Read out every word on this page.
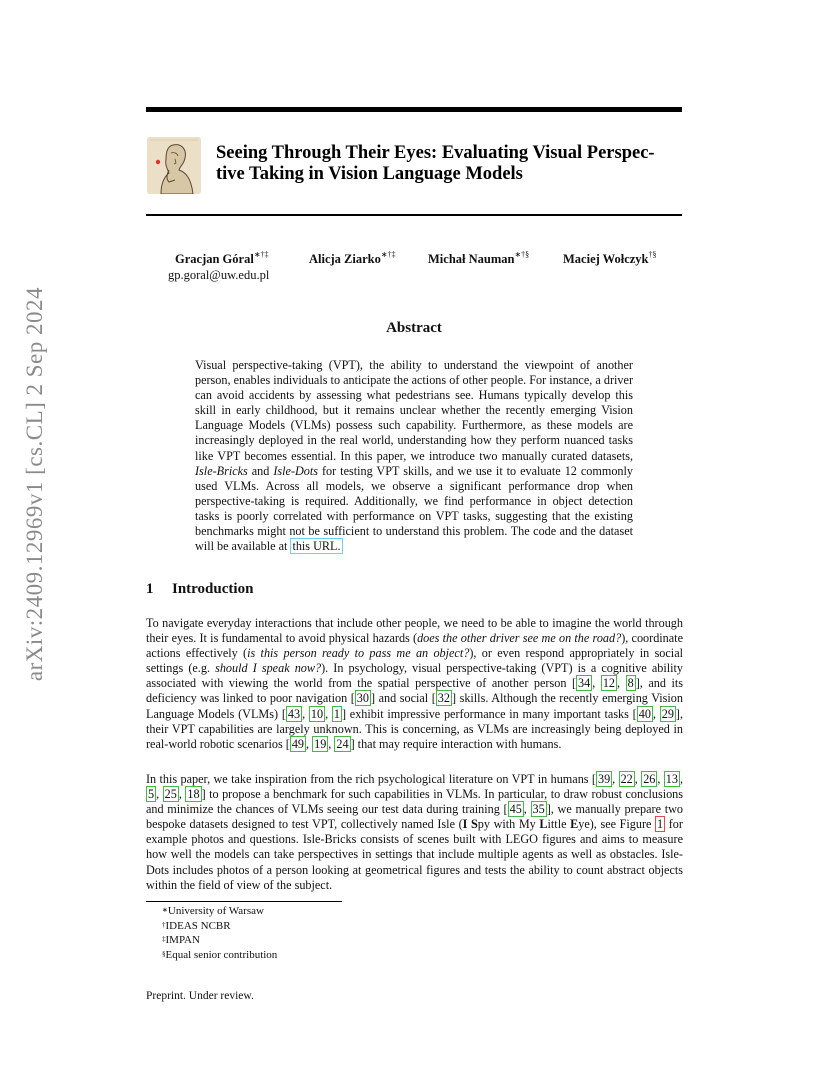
arXiv:2409.12969v1 [cs.CL] 2 Sep 2024
Seeing Through Their Eyes: Evaluating Visual Perspec-
tive Taking in Vision Language Models
Gracjan Góral∗†‡	Alicja Ziarko∗†‡	Michał Nauman∗†§	Maciej Wołczyk†§
gp.goral@uw.edu.pl
Abstract
Visual perspective-taking (VPT), the ability to understand the viewpoint of another person, enables individuals to anticipate the actions of other people. For instance, a driver can avoid accidents by assessing what pedestrians see. Humans typically develop this skill in early childhood, but it remains unclear whether the recently emerging Vision Language Models (VLMs) possess such capability. Furthermore, as these models are increasingly deployed in the real world, understanding how they perform nuanced tasks like VPT becomes essential. In this paper, we introduce two manually curated datasets, Isle-Bricks and Isle-Dots for testing VPT skills, and we use it to evaluate 12 commonly used VLMs. Across all models, we observe a significant performance drop when perspective-taking is required. Additionally, we find performance in object detection tasks is poorly correlated with performance on VPT tasks, suggesting that the existing benchmarks might not be sufficient to understand this problem. The code and the dataset will be available at this URL.
1 Introduction
To navigate everyday interactions that include other people, we need to be able to imagine the world through their eyes. It is fundamental to avoid physical hazards (does the other driver see me on the road?), coordinate actions effectively (is this person ready to pass me an object?), or even respond appropriately in social settings (e.g. should I speak now?). In psychology, visual perspective-taking (VPT) is a cognitive ability associated with viewing the world from the spatial perspective of another person [ 34 , 12 , 8 ], and its deficiency was linked to poor navigation [ 30 ] and social [ 32 ] skills. Although the recently emerging Vision Language Models (VLMs) [ 43 , 10 , 1 ] exhibit impressive performance in many important tasks [ 40 , 29 ], their VPT capabilities are largely unknown. This is concerning, as VLMs are increasingly being deployed in real-world robotic scenarios [ 49 , 19 , 24 ] that may require interaction with humans.
In this paper, we take inspiration from the rich psychological literature on VPT in humans [ 39 , 22 , 26 , 13 , 5 , 25 , 18 ] to propose a benchmark for such capabilities in VLMs. In particular, to draw robust conclusions and minimize the chances of VLMs seeing our test data during training [ 45 , 35 ], we manually prepare two bespoke datasets designed to test VPT, collectively named Isle (I Spy with My Little Eye), see Figure 1 for example photos and questions. Isle-Bricks consists of scenes built with LEGO figures and aims to measure how well the models can take perspectives in settings that include multiple agents as well as obstacles. Isle-Dots includes photos of a person looking at geometrical figures and tests the ability to count abstract objects within the field of view of the subject.
∗University of Warsaw
†IDEAS NCBR
‡IMPAN
§Equal senior contribution
Preprint. Under review.
